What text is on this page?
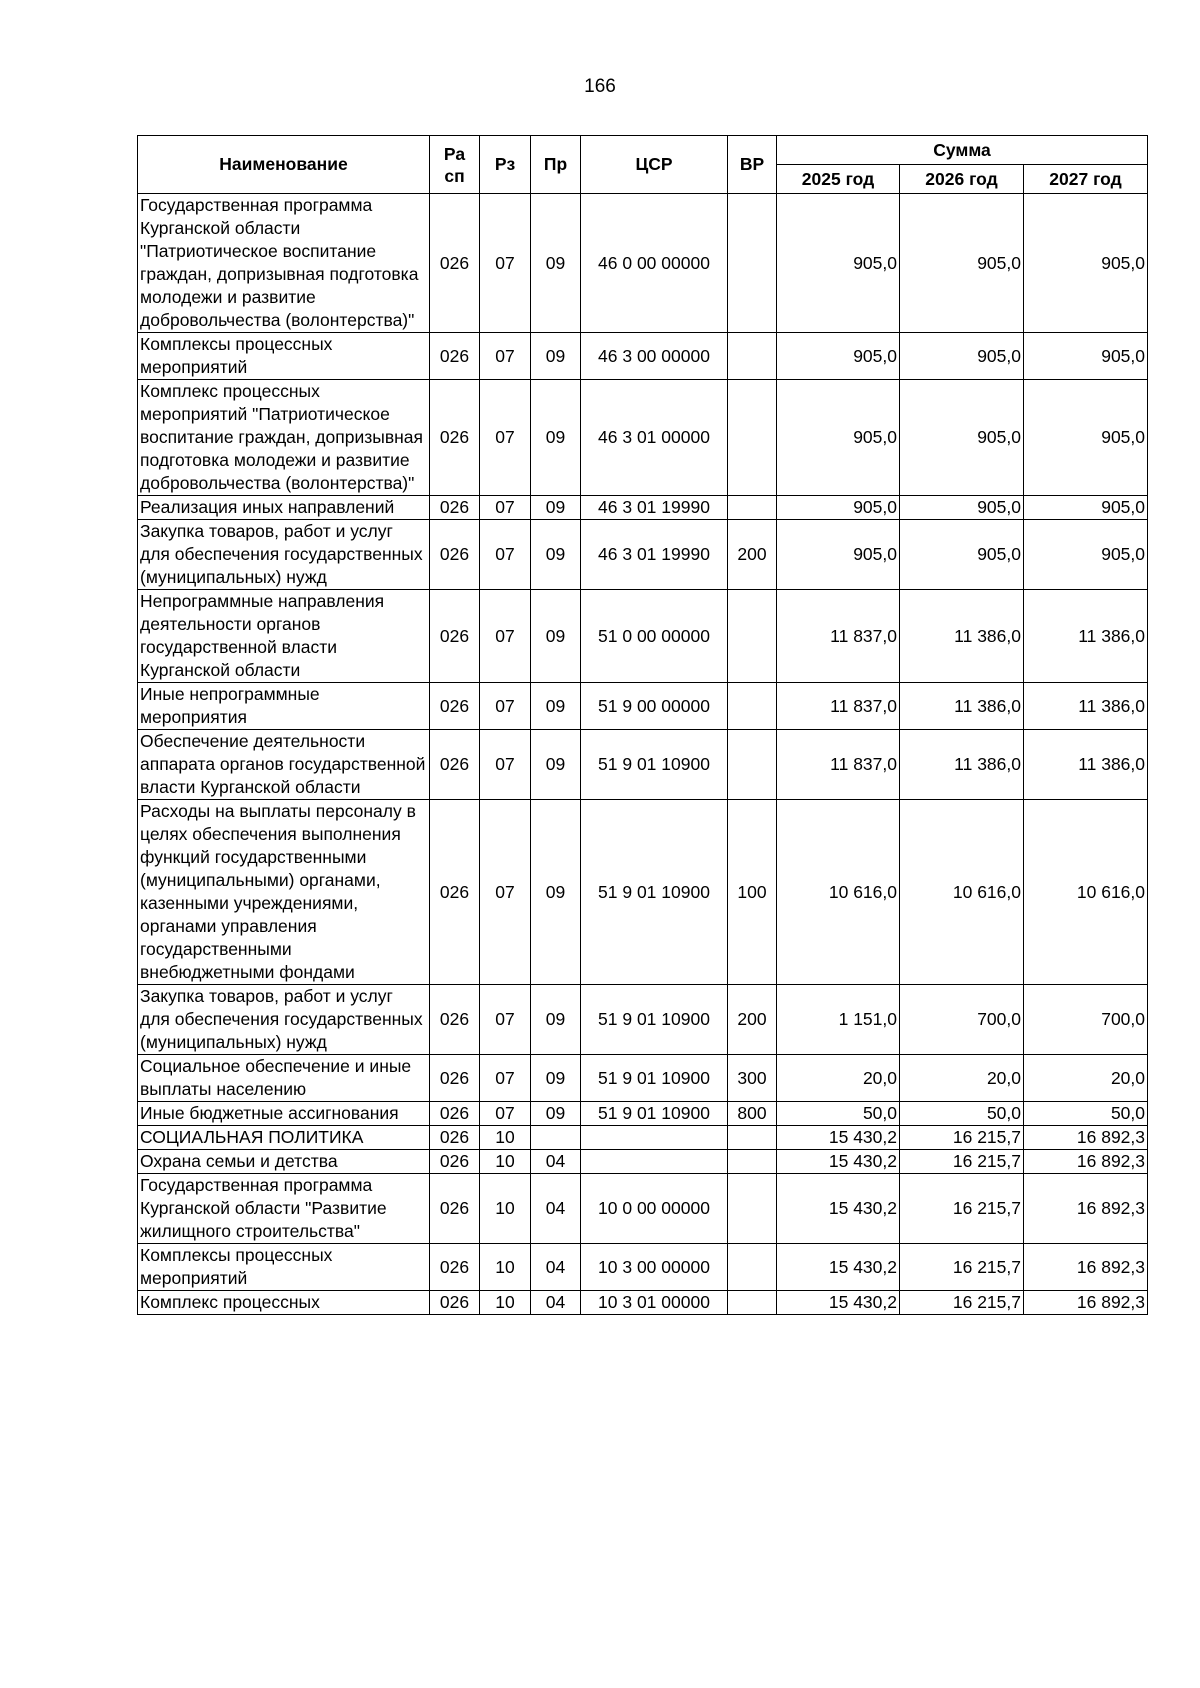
166
Наименование	Ра сп	Рз	Пр	ЦСР	ВР	Сумма		
						2025 год	2026 год	2027 год
Государственная программа Курганской области "Патриотическое воспитание граждан, допризывная подготовка молодежи и развитие добровольчества (волонтерства)"	026	07	09	46 0 00 00000		905,0	905,0	905,0
Комплексы процессных мероприятий	026	07	09	46 3 00 00000		905,0	905,0	905,0
Комплекс процессных мероприятий "Патриотическое воспитание граждан, допризывная подготовка молодежи и развитие добровольчества (волонтерства)"	026	07	09	46 3 01 00000		905,0	905,0	905,0
Реализация иных направлений	026	07	09	46 3 01 19990		905,0	905,0	905,0
Закупка товаров, работ и услуг для обеспечения государственных (муниципальных) нужд	026	07	09	46 3 01 19990	200	905,0	905,0	905,0
Непрограммные направления деятельности органов государственной власти Курганской области	026	07	09	51 0 00 00000		11 837,0	11 386,0	11 386,0
Иные непрограммные мероприятия	026	07	09	51 9 00 00000		11 837,0	11 386,0	11 386,0
Обеспечение деятельности аппарата органов государственной власти Курганской области	026	07	09	51 9 01 10900		11 837,0	11 386,0	11 386,0
Расходы на выплаты персоналу в целях обеспечения выполнения функций государственными (муниципальными) органами, казенными учреждениями, органами управления государственными внебюджетными фондами	026	07	09	51 9 01 10900	100	10 616,0	10 616,0	10 616,0
Закупка товаров, работ и услуг для обеспечения государственных (муниципальных) нужд	026	07	09	51 9 01 10900	200	1 151,0	700,0	700,0
Социальное обеспечение и иные выплаты населению	026	07	09	51 9 01 10900	300	20,0	20,0	20,0
Иные бюджетные ассигнования	026	07	09	51 9 01 10900	800	50,0	50,0	50,0
СОЦИАЛЬНАЯ ПОЛИТИКА	026	10				15 430,2	16 215,7	16 892,3
Охрана семьи и детства	026	10	04			15 430,2	16 215,7	16 892,3
Государственная программа Курганской области "Развитие жилищного строительства"	026	10	04	10 0 00 00000		15 430,2	16 215,7	16 892,3
Комплексы процессных мероприятий	026	10	04	10 3 00 00000		15 430,2	16 215,7	16 892,3
Комплекс процессных	026	10	04	10 3 01 00000		15 430,2	16 215,7	16 892,3
